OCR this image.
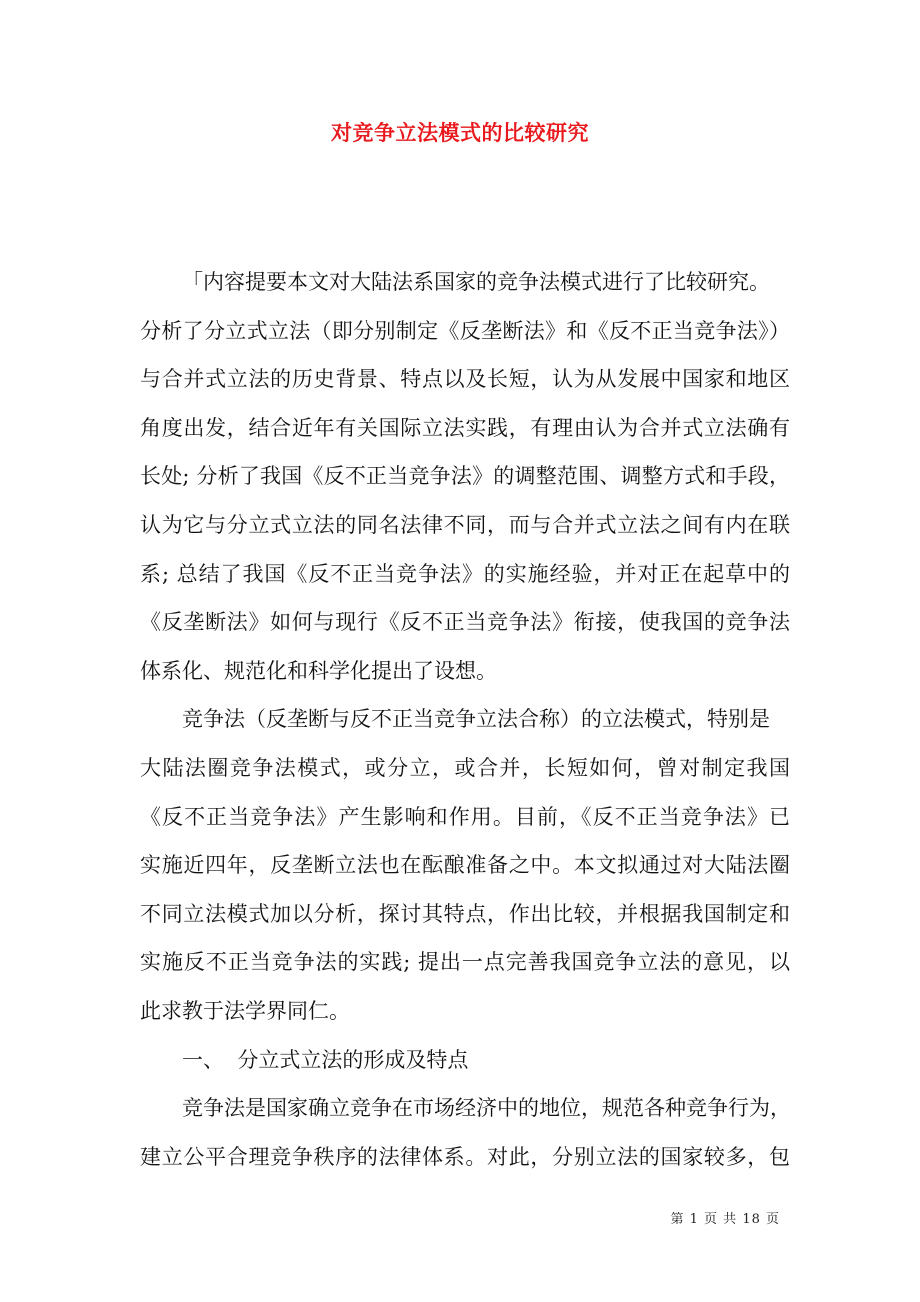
对竞争立法模式的比较研究
「内容提要本文对大陆法系国家的竞争法模式进行了比较研究。
分析了分立式立法（即分别制定《反垄断法》和《反不正当竞争法》）
与合并式立法的历史背景、特点以及长短，认为从发展中国家和地区
角度出发，结合近年有关国际立法实践，有理由认为合并式立法确有
长处; 分析了我国《反不正当竞争法》的调整范围、调整方式和手段，
认为它与分立式立法的同名法律不同，而与合并式立法之间有内在联
系; 总结了我国《反不正当竞争法》的实施经验，并对正在起草中的
《反垄断法》如何与现行《反不正当竞争法》衔接，使我国的竞争法
体系化、规范化和科学化提出了设想。
竞争法（反垄断与反不正当竞争立法合称）的立法模式，特别是
大陆法圈竞争法模式，或分立，或合并，长短如何，曾对制定我国
《反不正当竞争法》产生影响和作用。目前，《反不正当竞争法》已
实施近四年，反垄断立法也在酝酿准备之中。本文拟通过对大陆法圈
不同立法模式加以分析，探讨其特点，作出比较，并根据我国制定和
实施反不正当竞争法的实践; 提出一点完善我国竞争立法的意见，以
此求教于法学界同仁。
一、  分立式立法的形成及特点
竞争法是国家确立竞争在市场经济中的地位，规范各种竞争行为，
建立公平合理竞争秩序的法律体系。对此，分别立法的国家较多，包
第 1 页 共 18 页
